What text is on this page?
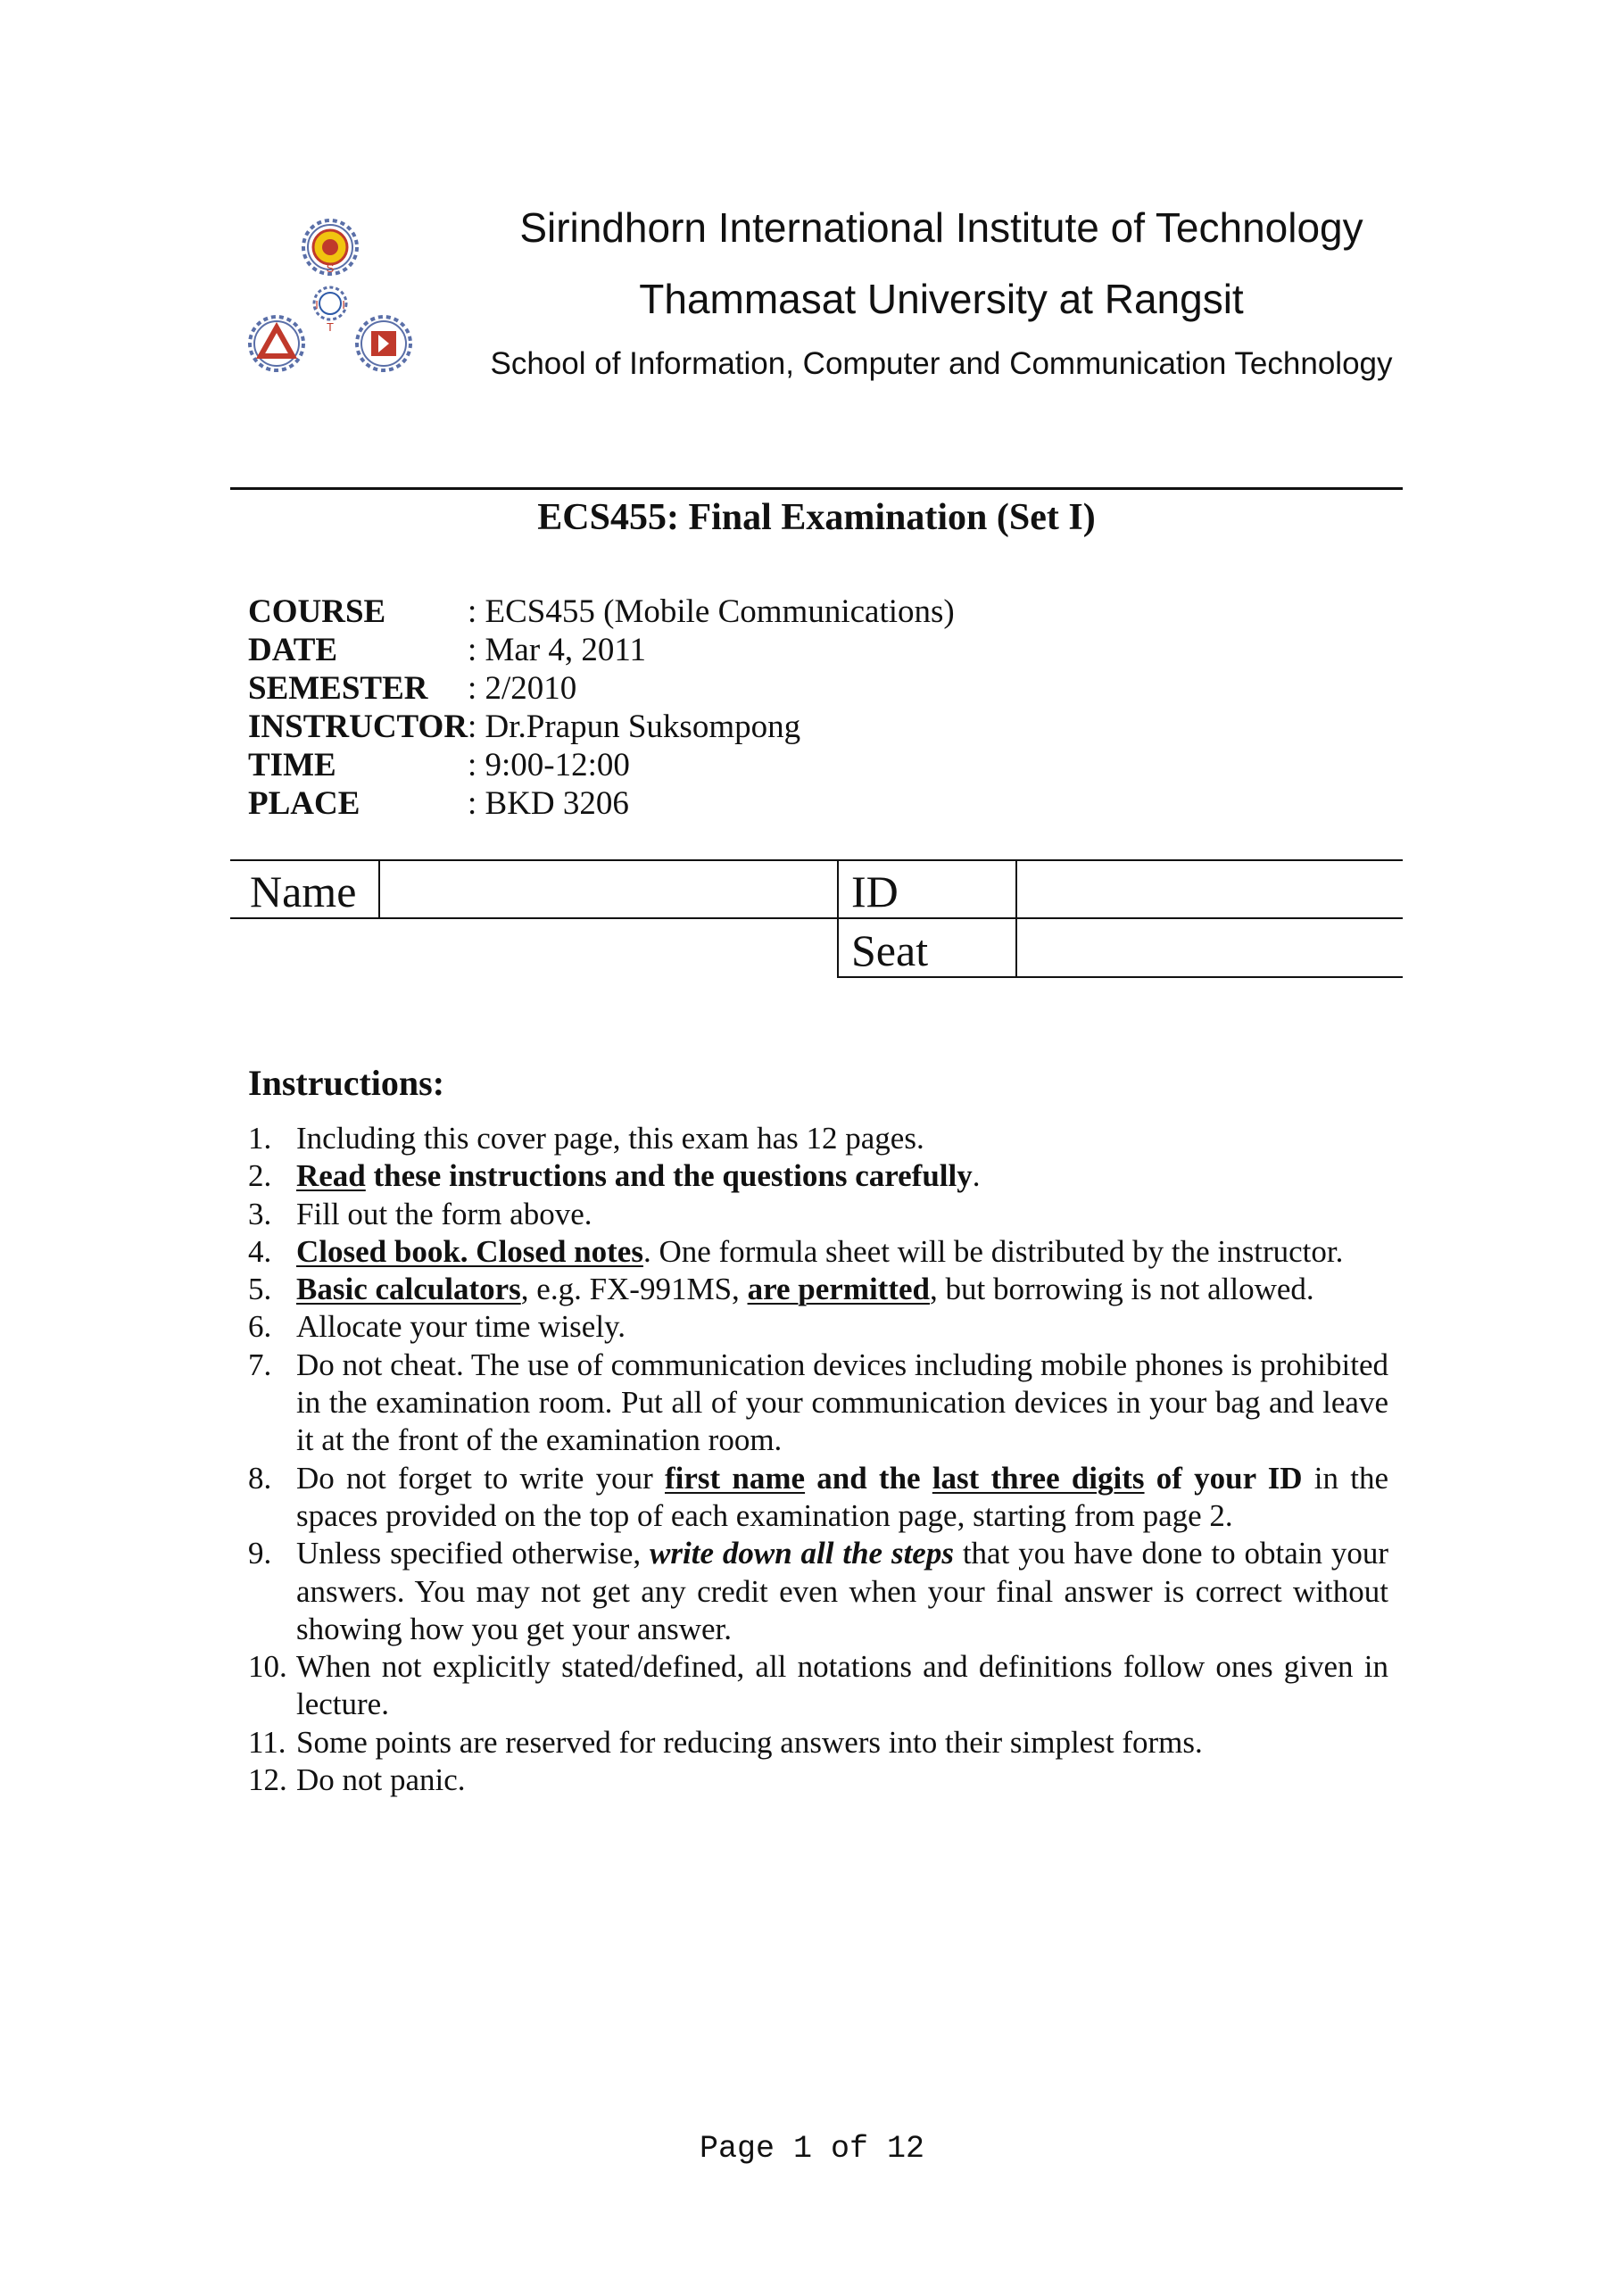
S
I I
T
Sirindhorn International Institute of Technology
Thammasat University at Rangsit
School of Information, Computer and Communication Technology
ECS455: Final Examination (Set I)
COURSE	: ECS455 (Mobile Communications)
DATE	: Mar 4, 2011
SEMESTER	: 2/2010
INSTRUCTOR : Dr.Prapun Suksompong
TIME	: 9:00-12:00
PLACE	: BKD 3206
Name	ID
Seat
Instructions:
1. Including this cover page, this exam has 12 pages.
2. Read these instructions and the questions carefully.
3. Fill out the form above.
4. Closed book. Closed notes. One formula sheet will be distributed by the instructor.
5. Basic calculators, e.g. FX-991MS, are permitted, but borrowing is not allowed.
6. Allocate your time wisely.
7. Do not cheat. The use of communication devices including mobile phones is prohibited in the examination room. Put all of your communication devices in your bag and leave it at the front of the examination room.
8. Do not forget to write your first name and the last three digits of your ID in the spaces provided on the top of each examination page, starting from page 2.
9. Unless specified otherwise, write down all the steps that you have done to obtain your answers. You may not get any credit even when your final answer is correct without showing how you get your answer.
10. When not explicitly stated/defined, all notations and definitions follow ones given in lecture.
11. Some points are reserved for reducing answers into their simplest forms.
12. Do not panic.
Page 1 of 12
